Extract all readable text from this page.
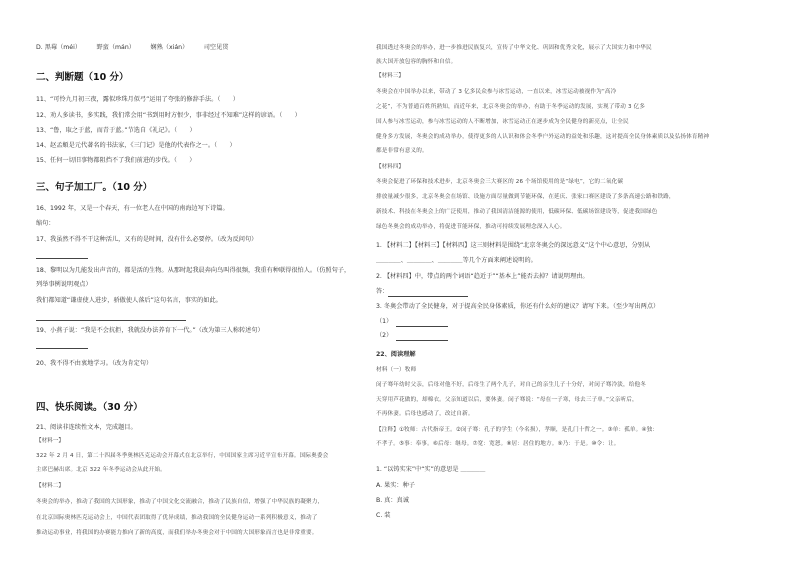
D. 黑莓（méi）　　　野蛮（mán）　　　娴熟（xián）　　　司空见贯
二、判断题（10 分）
11、“可怜九月初三夜，露似珍珠月似弓”运用了夸张的修辞手法。（　　）
12、劝人多读书，多实践，我们常会用“书到用时方恨少，事非经过不知难”这样的谚语。（　　）
13、“鲁，取之于蓝，而青于蓝。”节选自《礼记》。（　　）
14、赵孟頫是元代著名的书法家，《三门记》是他的代表作之一。（　　）
15、任何一切旧事物都阻挡不了我们前进的步伐。（　　）
三、句子加工厂。（10 分）
16、1992 年，又是一个春天，有一位老人在中国的南海边写下诗篇。
缩句：
17、我虽然不得不干这种活儿，又有的是时间，没有什么必要停。（改为反问句）
18、黎明以为几能发出声音的，都是活的生物。从那时起我晨奔向鸟叫得很频，我重有种联得很怕人。（仿照句子，
列举事例说明观点）
我们都知道“谦虚使人进步，骄傲使人落后”这句名言，事实的如此。
19、小燕子说：“我是不会抗拒，我就没办法养育下一代。”（改为第三人称转述句）
20、我不得不由衷地学习。（改为肯定句）
四、快乐阅读。（30 分）
21、阅读非连续性文本，完成题目。
【材料一】
322 年 2 月 4 日，第二十四届冬季奥林匹克运动会开幕式在北京举行，中国国家主席习近平宣布开幕。国际奥委会
主席巴赫出席。北京 322 年冬季运动会从此开始。
【材料二】
冬奥会的举办，推动了我国的大国形象，推动了中国文化交流融合，推动了民族自信，增强了中华民族的凝聚力，
在北京国际奥林匹克运动会上，中国代表团取得了优异成绩，推动我国的全民健身运动一系列积极意义，推动了
推动运动事业，将我国的办赛能力推向了新的高度，而我们举办冬奥会对于中国的大国形象而言也是非常重要。
我国透过冬奥会的举办，进一步推进民族复兴，宣传了中华文化、巩固和优秀文化，展示了大国实力和中华民
族大国开放包容的胸怀和自信。
【材料三】
冬奥会在中国举办以来，带动了 3 亿多民众参与冰雪运动，一直以来，冰雪运动被视作为“高冷
之花”，不为普通百姓所熟知，而近年来，北京冬奥会的举办，有助于冬季运动的发展，实现了带动 3 亿多
国人参与冰雪运动，参与冰雪运动的人不断增加，冰雪运动正在逐步成为全民健身的新亮点，让全民
健身多方发展，冬奥会的成功举办，使得更多的人认识和体会冬季户外运动的益处和乐趣，这对提高全民身体素质以及弘扬体育精神
都是非常有意义的。
【材料四】
冬奥会促进了环保和技术进步，北京冬奥会三大赛区的 26 个场馆使用的是“绿电”，它的二氧化碳
排放量减少很多，北京冬奥会在场馆、设施方面尽量做到节能环保，在延庆、张家口赛区建设了多条高速公路和铁路，
新技术、科技在冬奥会上的广泛使用，推动了我国清洁能源的使用，低碳环保、低碳场馆建设等，促进我国绿色
绿色冬奥会的成功举办，将促进节能环保，推动可持续发展理念深入人心。
1. 【材料二】【材料三】【材料四】这三则材料是围绕“北京冬奥会的深远意义”这个中心意思，分别从
＿＿＿＿、＿＿＿＿、＿＿＿＿等几个方面来阐述说明的。
2. 【材料四】中，带点的两个词语“趋近于”“基本上”能否去掉？请说明理由。
答：
3. 冬奥会带动了全民健身，对于提高全民身体素质，你还有什么好的建议？请写下来。（至少写出两点）
（1）
（2）
22、阅读理解
材料（一）牧师
闵子骞年幼时父亲，后母对他不好，后母生了两个儿子，对自己的亲生儿子十分好，对闵子骞冷淡，给他冬
天穿用芦花做的，却棉衣。父亲知道以后，要休妻。闵子骞说：“母在一子寒，母去三子单。”父亲听后，
不再休妻。后母也感动了，改过自新。
【注释】①牧师：古代指帝王。②闵子骞：孔子的学生（今名损），孝顺，是孔门十哲之一。③单：孤单。④独：
不孝子。⑤事：奉事。⑥后母：继母。⑦宽：宽恕。⑧居：居住的地方。⑨乃：于是。⑩令：让。
1. “以铸实宋”中“实”的意思是 ＿＿＿＿
A. 果实：种子
B. 真：真诚
C. 装
